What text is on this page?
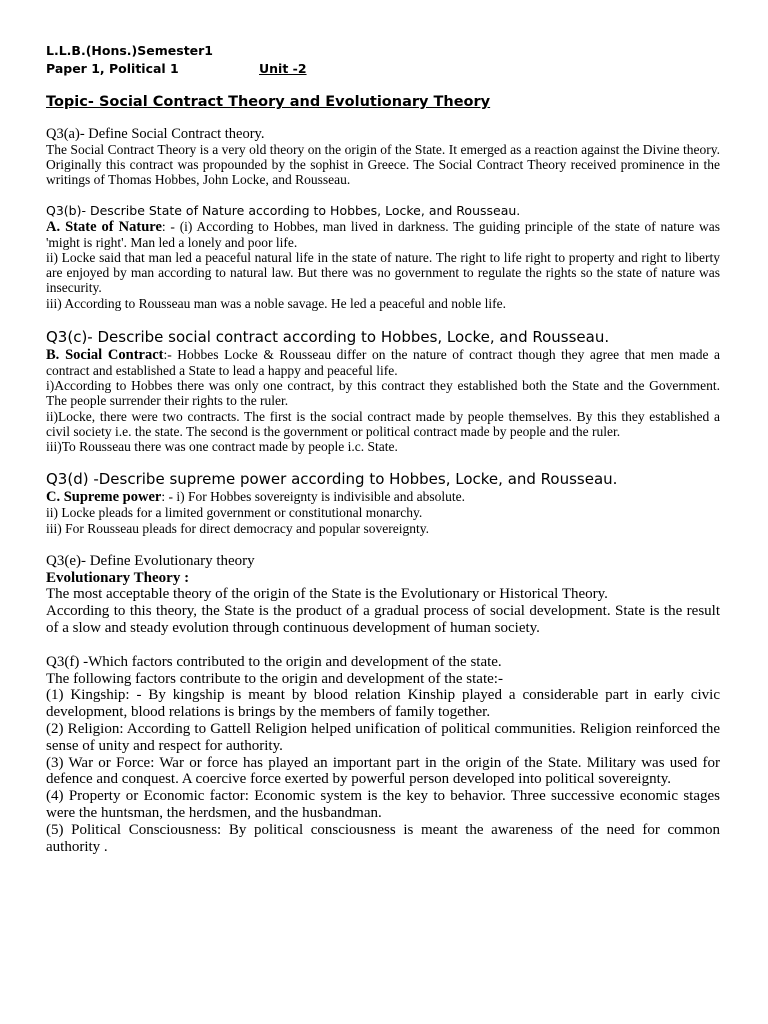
L.L.B.(Hons.)Semester1
Paper 1, Political 1	Unit -2
Topic- Social Contract Theory and Evolutionary Theory
Q3(a)- Define Social Contract theory.

The Social Contract Theory is a very old theory on the origin of the State. It emerged as a reaction against the Divine theory. Originally this contract was propounded by the sophist in Greece. The Social Contract Theory received prominence in the writings of Thomas Hobbes, John Locke, and Rousseau.

Q3(b)- Describe State of Nature according to Hobbes, Locke, and Rousseau.

A. State of Nature: - (i) According to Hobbes, man lived in darkness. The guiding principle of the state of nature was 'might is right'. Man led a lonely and poor life.

ii) Locke said that man led a peaceful natural life in the state of nature. The right to life right to property and right to liberty are enjoyed by man according to natural law. But there was no government to regulate the rights so the state of nature was insecurity.

iii) According to Rousseau man was a noble savage. He led a peaceful and noble life.

Q3(c)- Describe social contract according to Hobbes, Locke, and Rousseau.

B. Social Contract:- Hobbes Locke & Rousseau differ on the nature of contract though they agree that men made a contract and established a State to lead a happy and peaceful life.

i)According to Hobbes there was only one contract, by this contract they established both the State and the Government. The people surrender their rights to the ruler.

ii)Locke, there were two contracts. The first is the social contract made by people themselves. By this they established a civil society i.e. the state. The second is the government or political contract made by people and the ruler.

iii)To Rousseau there was one contract made by people i.c. State.

Q3(d) -Describe supreme power according to Hobbes, Locke, and Rousseau.

C. Supreme power: - i) For Hobbes sovereignty is indivisible and absolute.

ii) Locke pleads for a limited government or constitutional monarchy.

iii) For Rousseau pleads for direct democracy and popular sovereignty.

Q3(e)- Define Evolutionary theory
Evolutionary Theory :

The most acceptable theory of the origin of the State is the Evolutionary or Historical Theory.

According to this theory, the State is the product of a gradual process of social development. State is the result of a slow and steady evolution through continuous development of human society.

Q3(f) -Which factors contributed to the origin and development of the state.
The following factors contribute to the origin and development of the state:-

(1) Kingship: - By kingship is meant by blood relation Kinship played a considerable part in early civic development, blood relations is brings by the members of family together.

(2) Religion: According to Gattell Religion helped unification of political communities. Religion reinforced the sense of unity and respect for authority.

(3) War or Force: War or force has played an important part in the origin of the State. Military was used for defence and conquest. A coercive force exerted by powerful person developed into political sovereignty.

(4) Property or Economic factor: Economic system is the key to behavior. Three successive economic stages were the huntsman, the herdsmen, and the husbandman.

(5) Political Consciousness: By political consciousness is meant the awareness of the need for common authority .
